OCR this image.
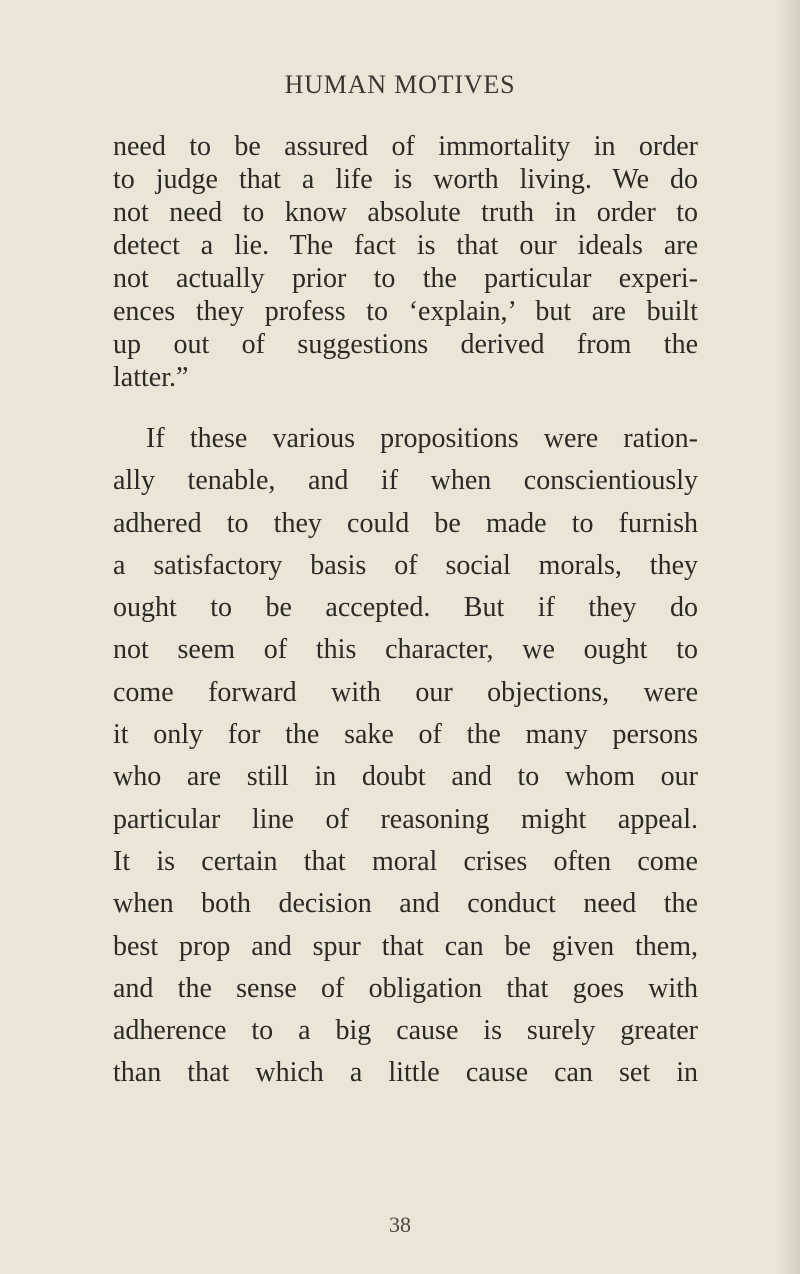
HUMAN MOTIVES
need to be assured of immortality in order
to judge that a life is worth living. We do
not need to know absolute truth in order to
detect a lie. The fact is that our ideals are
not actually prior to the particular experi-
ences they profess to ‘explain,’ but are built
up out of suggestions derived from the
latter.”
If these various propositions were ration-
ally tenable, and if when conscientiously
adhered to they could be made to furnish
a satisfactory basis of social morals, they
ought to be accepted. But if they do
not seem of this character, we ought to
come forward with our objections, were
it only for the sake of the many persons
who are still in doubt and to whom our
particular line of reasoning might appeal.
It is certain that moral crises often come
when both decision and conduct need the
best prop and spur that can be given them,
and the sense of obligation that goes with
adherence to a big cause is surely greater
than that which a little cause can set in
38
